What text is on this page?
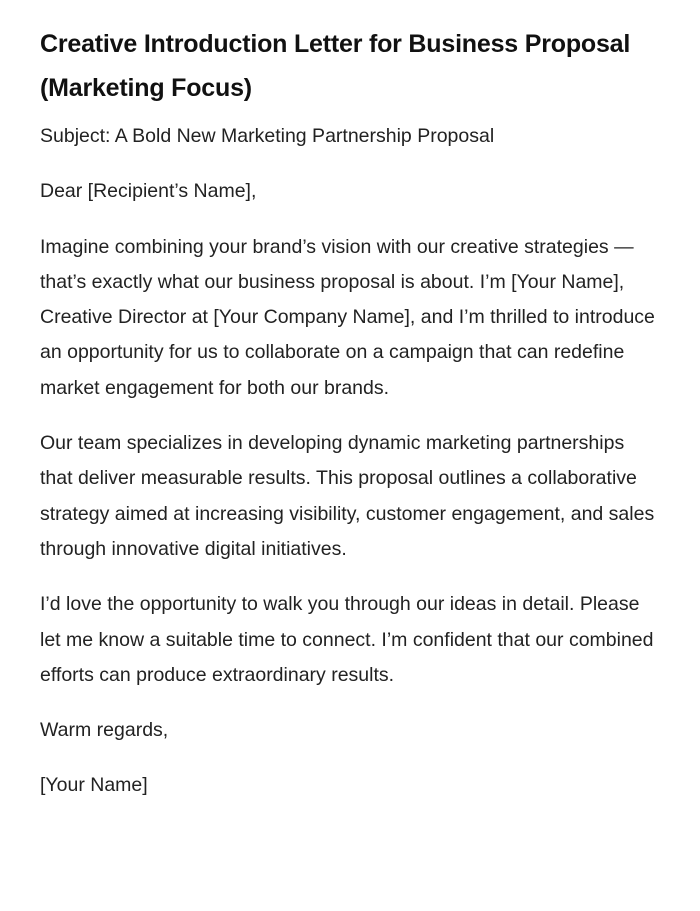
Creative Introduction Letter for Business Proposal (Marketing Focus)

Subject: A Bold New Marketing Partnership Proposal

Dear [Recipient’s Name],

Imagine combining your brand’s vision with our creative strategies — that’s exactly what our business proposal is about. I’m [Your Name], Creative Director at [Your Company Name], and I’m thrilled to introduce an opportunity for us to collaborate on a campaign that can redefine market engagement for both our brands.

Our team specializes in developing dynamic marketing partnerships that deliver measurable results. This proposal outlines a collaborative strategy aimed at increasing visibility, customer engagement, and sales through innovative digital initiatives.

I’d love the opportunity to walk you through our ideas in detail. Please let me know a suitable time to connect. I’m confident that our combined efforts can produce extraordinary results.

Warm regards,

[Your Name]
